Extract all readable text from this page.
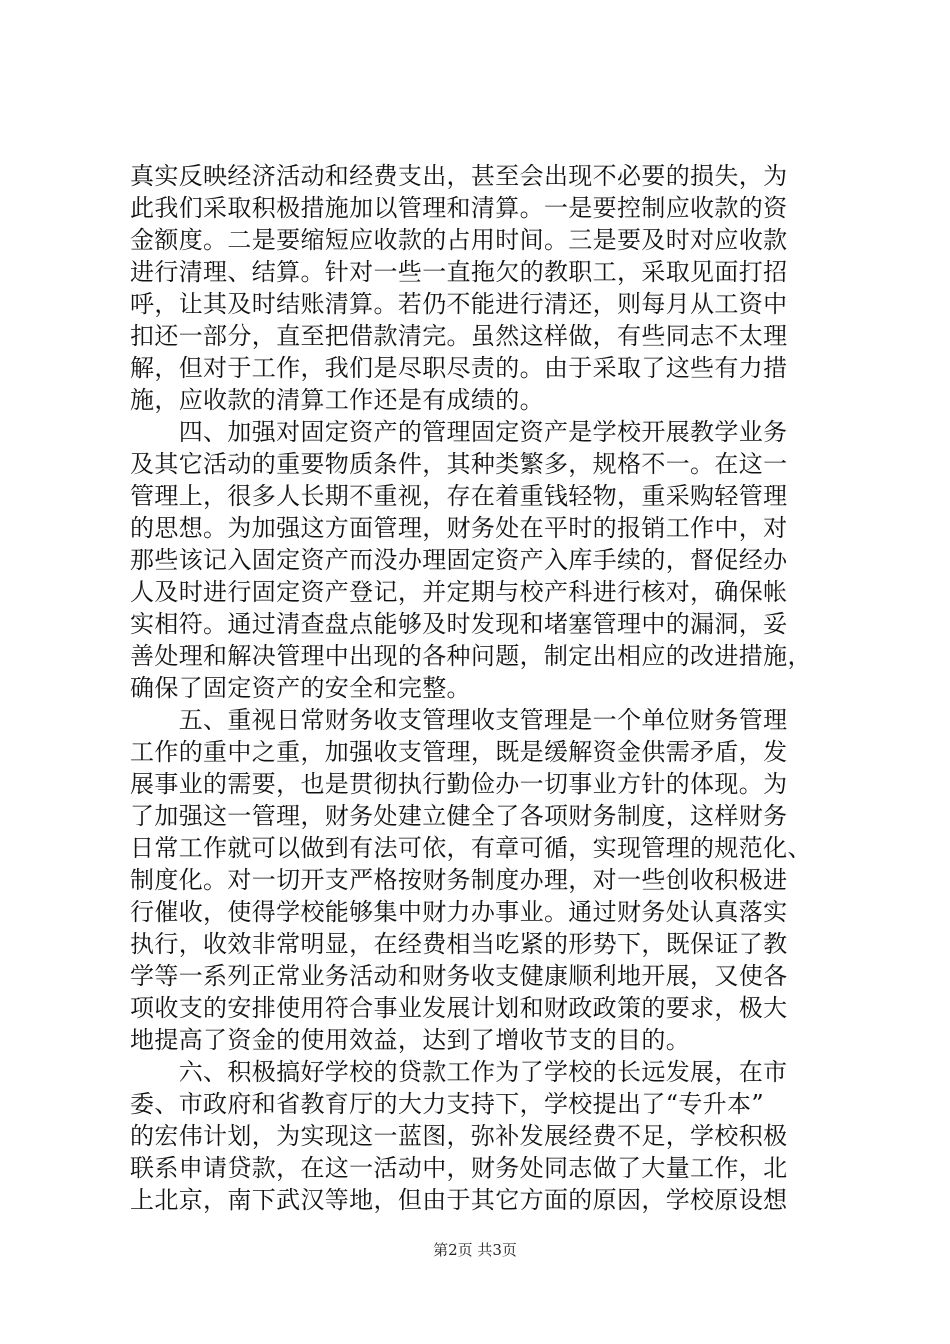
真实反映经济活动和经费支出，甚至会出现不必要的损失，为
此我们采取积极措施加以管理和清算。一是要控制应收款的资
金额度。二是要缩短应收款的占用时间。三是要及时对应收款
进行清理、结算。针对一些一直拖欠的教职工，采取见面打招
呼，让其及时结账清算。若仍不能进行清还，则每月从工资中
扣还一部分，直至把借款清完。虽然这样做，有些同志不太理
解，但对于工作，我们是尽职尽责的。由于采取了这些有力措
施，应收款的清算工作还是有成绩的。
　　四、加强对固定资产的管理固定资产是学校开展教学业务
及其它活动的重要物质条件，其种类繁多，规格不一。在这一
管理上，很多人长期不重视，存在着重钱轻物，重采购轻管理
的思想。为加强这方面管理，财务处在平时的报销工作中，对
那些该记入固定资产而没办理固定资产入库手续的，督促经办
人及时进行固定资产登记，并定期与校产科进行核对，确保帐
实相符。通过清查盘点能够及时发现和堵塞管理中的漏洞，妥
善处理和解决管理中出现的各种问题，制定出相应的改进措施，
确保了固定资产的安全和完整。
　　五、重视日常财务收支管理收支管理是一个单位财务管理
工作的重中之重，加强收支管理，既是缓解资金供需矛盾，发
展事业的需要，也是贯彻执行勤俭办一切事业方针的体现。为
了加强这一管理，财务处建立健全了各项财务制度，这样财务
日常工作就可以做到有法可依，有章可循，实现管理的规范化、
制度化。对一切开支严格按财务制度办理，对一些创收积极进
行催收，使得学校能够集中财力办事业。通过财务处认真落实
执行，收效非常明显，在经费相当吃紧的形势下，既保证了教
学等一系列正常业务活动和财务收支健康顺利地开展，又使各
项收支的安排使用符合事业发展计划和财政政策的要求，极大
地提高了资金的使用效益，达到了增收节支的目的。
　　六、积极搞好学校的贷款工作为了学校的长远发展，在市
委、市政府和省教育厅的大力支持下，学校提出了“专升本”
的宏伟计划，为实现这一蓝图，弥补发展经费不足，学校积极
联系申请贷款，在这一活动中，财务处同志做了大量工作，北
上北京，南下武汉等地，但由于其它方面的原因，学校原设想
第2页 共3页
